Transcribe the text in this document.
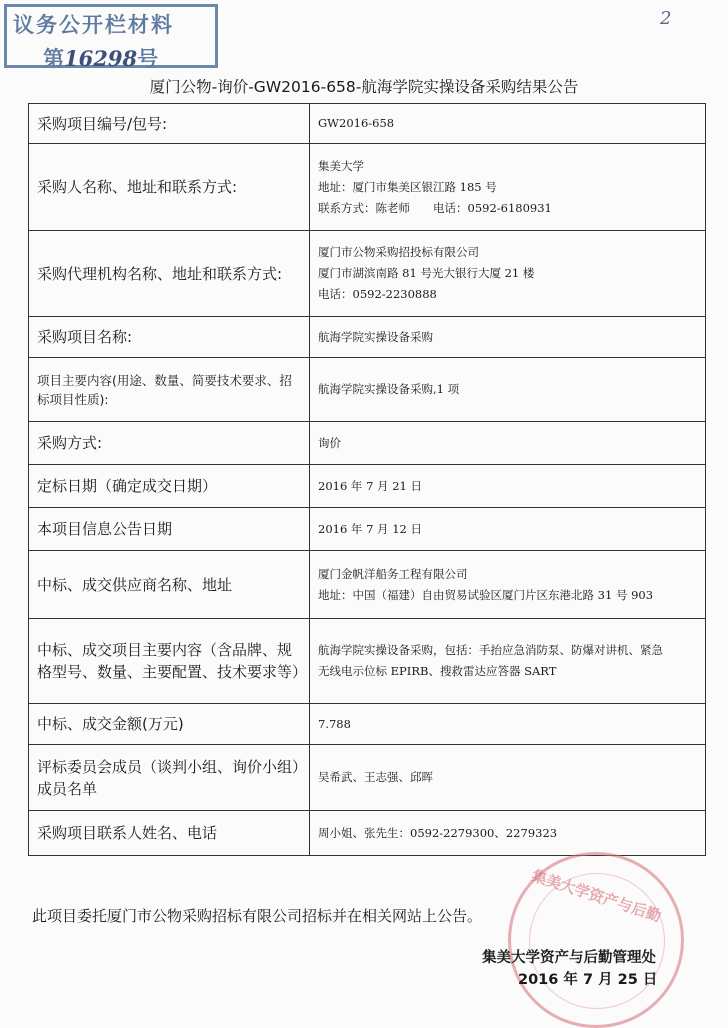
议务公开栏材料
第16298号
2
厦门公物-询价-GW2016-658-航海学院实操设备采购结果公告
采购项目编号/包号:	GW2016-658

采购人名称、地址和联系方式:	集美大学
地址：厦门市集美区银江路 185 号
联系方式：陈老师　　电话：0592-6180931

采购代理机构名称、地址和联系方式:	厦门市公物采购招投标有限公司
厦门市湖滨南路 81 号光大银行大厦 21 楼
电话：0592-2230888

采购项目名称:	航海学院实操设备采购

项目主要内容(用途、数量、简要技术要求、招标项目性质):	航海学院实操设备采购,1 项

采购方式:	询价

定标日期（确定成交日期）	2016 年 7 月 21 日

本项目信息公告日期	2016 年 7 月 12 日

中标、成交供应商名称、地址	厦门金帆洋船务工程有限公司
地址：中国（福建）自由贸易试验区厦门片区东港北路 31 号 903

中标、成交项目主要内容（含品牌、规格型号、数量、主要配置、技术要求等）	航海学院实操设备采购，包括：手抬应急消防泵、防爆对讲机、紧急
无线电示位标 EPIRB、搜救雷达应答器 SART

中标、成交金额(万元)	7.788

评标委员会成员（谈判小组、询价小组）成员名单	吴希武、王志强、邱晖

采购项目联系人姓名、电话	周小姐、张先生：0592-2279300、2279323
集美大学资产与后勤
此项目委托厦门市公物采购招标有限公司招标并在相关网站上公告。
集美大学资产与后勤管理处
2016 年 7 月 25 日
